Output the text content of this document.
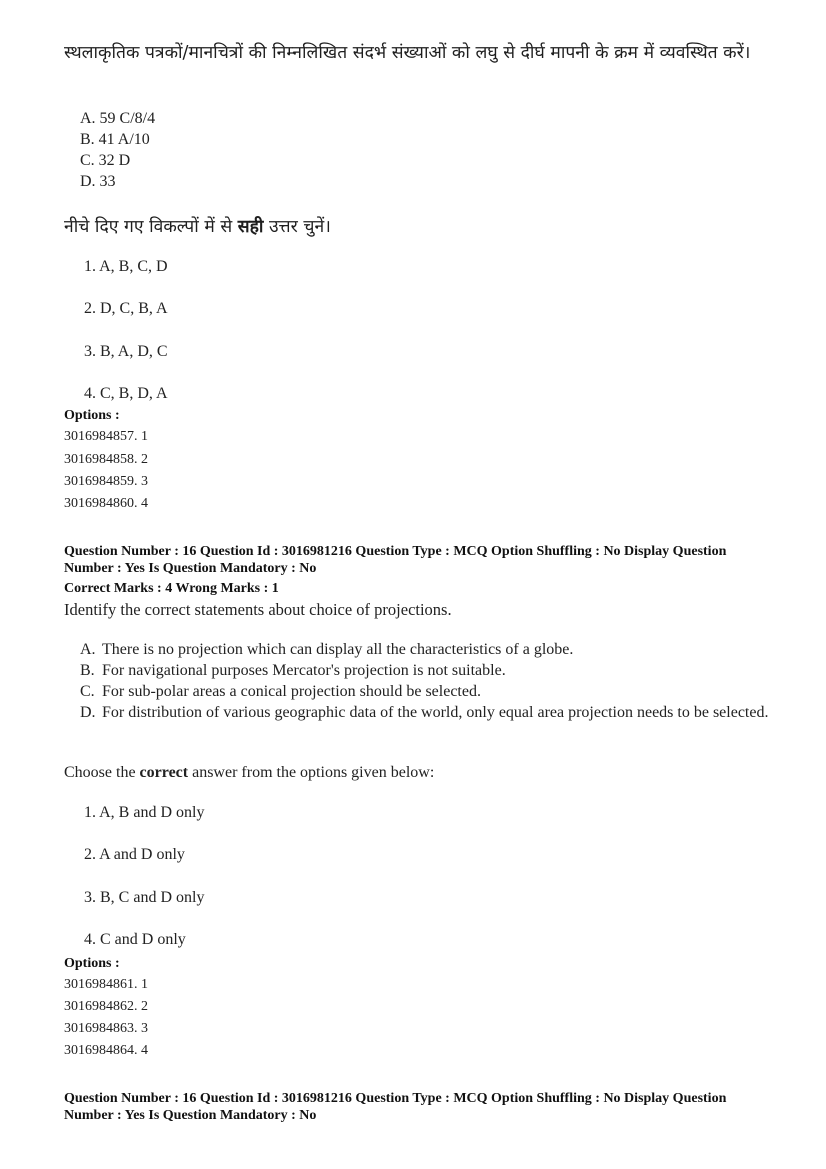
स्थलाकृतिक पत्रकों/मानचित्रों की निम्नलिखित संदर्भ संख्याओं को लघु से दीर्घ मापनी के क्रम में व्यवस्थित करें।
A. 59 C/8/4
B. 41 A/10
C. 32 D
D. 33
नीचे दिए गए विकल्पों में से सही उत्तर चुनें।
1. A, B, C, D
2. D, C, B, A
3. B, A, D, C
4. C, B, D, A
Options :
3016984857. 1
3016984858. 2
3016984859. 3
3016984860. 4
Question Number : 16 Question Id : 3016981216 Question Type : MCQ Option Shuffling : No Display Question
Number : Yes Is Question Mandatory : No
Correct Marks : 4 Wrong Marks : 1
Identify the correct statements about choice of projections.
A. There is no projection which can display all the characteristics of a globe.
B. For navigational purposes Mercator's projection is not suitable.
C. For sub-polar areas a conical projection should be selected.
D. For distribution of various geographic data of the world, only equal area projection needs to be selected.
Choose the correct answer from the options given below:
1. A, B and D only
2. A and D only
3. B, C and D only
4. C and D only
Options :
3016984861. 1
3016984862. 2
3016984863. 3
3016984864. 4
Question Number : 16 Question Id : 3016981216 Question Type : MCQ Option Shuffling : No Display Question
Number : Yes Is Question Mandatory : No
